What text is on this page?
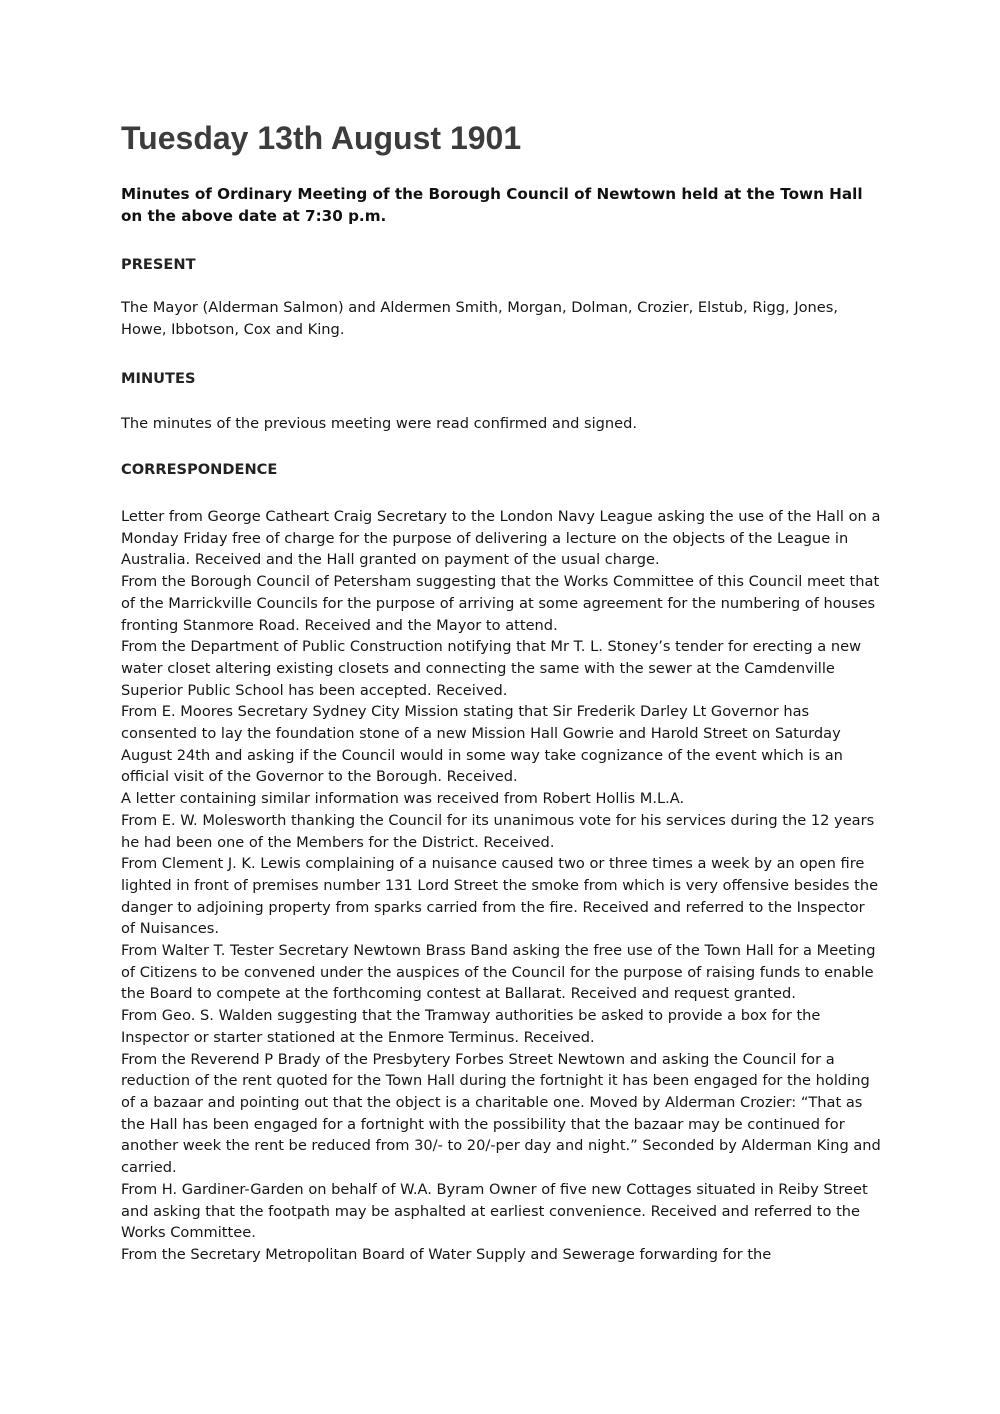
Tuesday 13th August 1901

Minutes of Ordinary Meeting of the Borough Council of Newtown held at the Town Hall on the above date at 7:30 p.m.

PRESENT

The Mayor (Alderman Salmon) and Aldermen Smith, Morgan, Dolman, Crozier, Elstub, Rigg, Jones, Howe, Ibbotson, Cox and King.

MINUTES

The minutes of the previous meeting were read confirmed and signed.

CORRESPONDENCE
Letter from George Catheart Craig Secretary to the London Navy League asking the use of the Hall on a Monday Friday free of charge for the purpose of delivering a lecture on the objects of the League in Australia. Received and the Hall granted on payment of the usual charge.
From the Borough Council of Petersham suggesting that the Works Committee of this Council meet that of the Marrickville Councils for the purpose of arriving at some agreement for the numbering of houses fronting Stanmore Road. Received and the Mayor to attend.
From the Department of Public Construction notifying that Mr T. L. Stoney’s tender for erecting a new water closet altering existing closets and connecting the same with the sewer at the Camdenville Superior Public School has been accepted. Received.
From E. Moores Secretary Sydney City Mission stating that Sir Frederik Darley Lt Governor has consented to lay the foundation stone of a new Mission Hall Gowrie and Harold Street on Saturday August 24th and asking if the Council would in some way take cognizance of the event which is an official visit of the Governor to the Borough. Received.
A letter containing similar information was received from Robert Hollis M.L.A.
From E. W. Molesworth thanking the Council for its unanimous vote for his services during the 12 years he had been one of the Members for the District. Received.
From Clement J. K. Lewis complaining of a nuisance caused two or three times a week by an open fire lighted in front of premises number 131 Lord Street the smoke from which is very offensive besides the danger to adjoining property from sparks carried from the fire. Received and referred to the Inspector of Nuisances.
From Walter T. Tester Secretary Newtown Brass Band asking the free use of the Town Hall for a Meeting of Citizens to be convened under the auspices of the Council for the purpose of raising funds to enable the Board to compete at the forthcoming contest at Ballarat. Received and request granted.
From Geo. S. Walden suggesting that the Tramway authorities be asked to provide a box for the Inspector or starter stationed at the Enmore Terminus. Received.
From the Reverend P Brady of the Presbytery Forbes Street Newtown and asking the Council for a reduction of the rent quoted for the Town Hall during the fortnight it has been engaged for the holding of a bazaar and pointing out that the object is a charitable one. Moved by Alderman Crozier: “That as the Hall has been engaged for a fortnight with the possibility that the bazaar may be continued for another week the rent be reduced from 30/- to 20/-per day and night.” Seconded by Alderman King and carried.
From H. Gardiner-Garden on behalf of W.A. Byram Owner of five new Cottages situated in Reiby Street and asking that the footpath may be asphalted at earliest convenience. Received and referred to the Works Committee.
From the Secretary Metropolitan Board of Water Supply and Sewerage forwarding for the
